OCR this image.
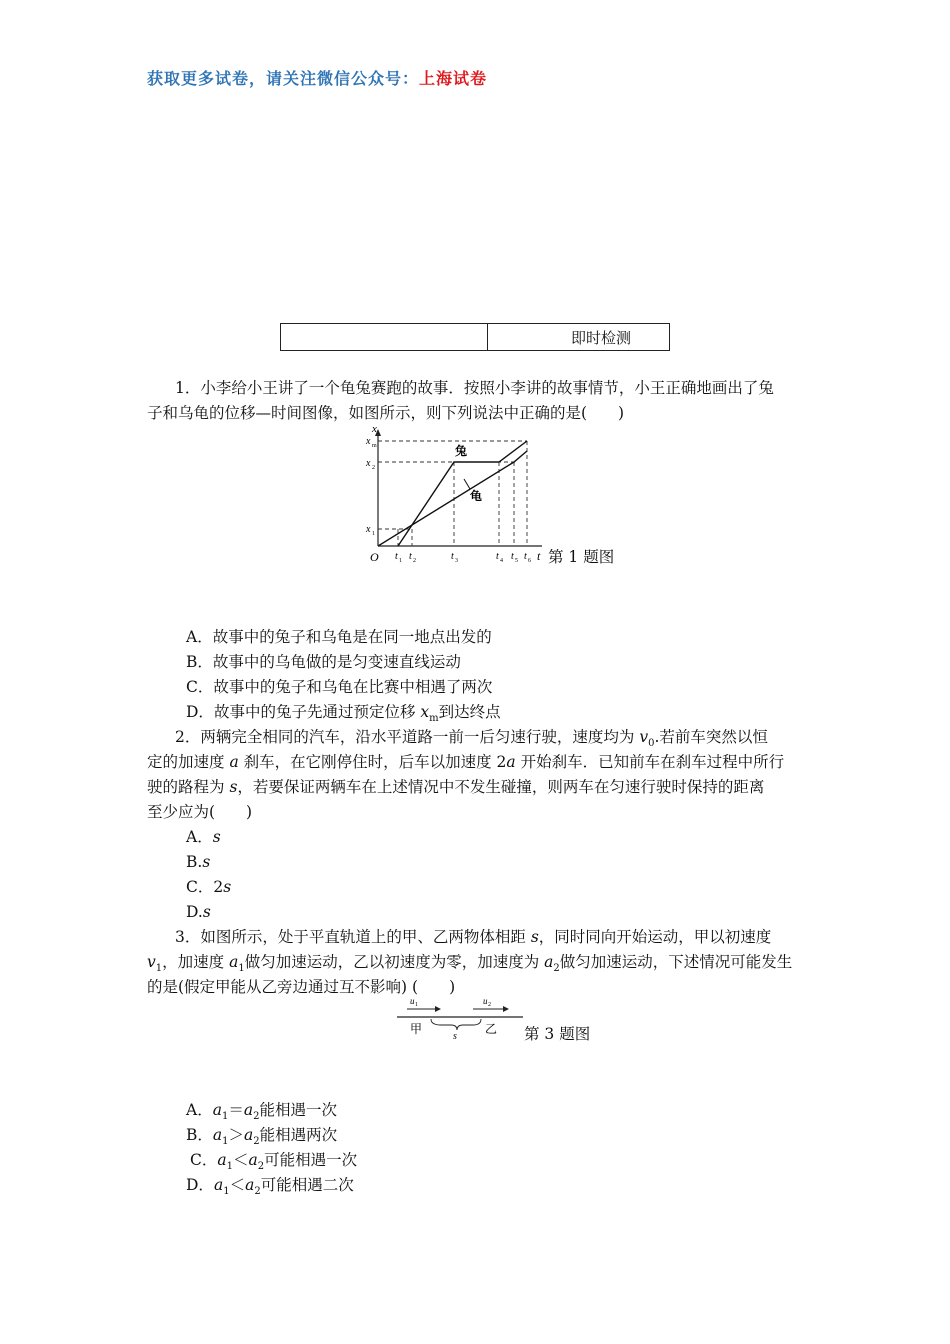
获取更多试卷，请关注微信公众号：上海试卷
即时检测
1．小李给小王讲了一个龟兔赛跑的故事．按照小李讲的故事情节，小王正确地画出了兔
子和乌龟的位移—时间图像，如图所示，则下列说法中正确的是(　　)
x
t
O
x m
x 2
x 1
t t	t	t t t
1 2	3	4 5 6
兔
龟
第 1 题图
A．故事中的兔子和乌龟是在同一地点出发的
B．故事中的乌龟做的是匀变速直线运动
C．故事中的兔子和乌龟在比赛中相遇了两次
D．故事中的兔子先通过预定位移 $x_m$到达终点
2．两辆完全相同的汽车，沿水平道路一前一后匀速行驶，速度均为 $v_0$.若前车突然以恒
定的加速度 a 刹车，在它刚停住时，后车以加速度 2a 开始刹车．已知前车在刹车过程中所行
驶的路程为 s，若要保证两辆车在上述情况中不发生碰撞，则两车在匀速行驶时保持的距离
至少应为(　　)
A．s
B.s
C．2s
D.s
3．如图所示，处于平直轨道上的甲、乙两物体相距 s，同时同向开始运动，甲以初速度
$v_1$，加速度 $a_1$做匀加速运动，乙以初速度为零，加速度为 $a_2$做匀加速运动，下述情况可能发生
的是(假定甲能从乙旁边通过互不影响) (　　)
u 1	u 2
甲	乙
s	第 3 题图
A．$a_1=a_2$能相遇一次
B．$a_1>a_2$能相遇两次
C．$a_1<a_2$可能相遇一次
D．$a_1<a_2$可能相遇二次
